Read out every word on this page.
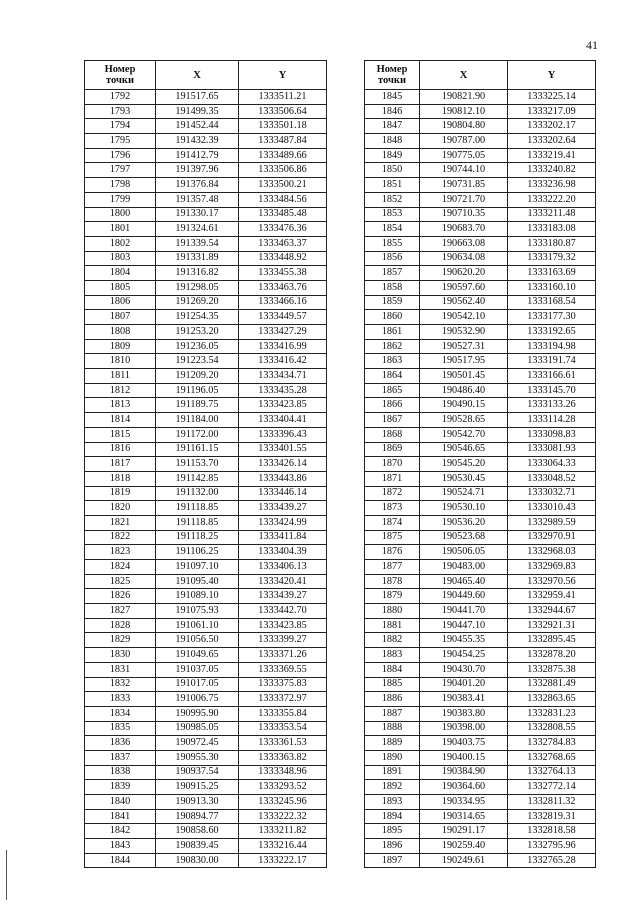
41
Номер
точки	X	Y
1792	191517.65	1333511.21
1793	191499.35	1333506.64
1794	191452.44	1333501.18
1795	191432.39	1333487.84
1796	191412.79	1333489.66
1797	191397.96	1333506.86
1798	191376.84	1333500.21
1799	191357.48	1333484.56
1800	191330.17	1333485.48
1801	191324.61	1333476.36
1802	191339.54	1333463.37
1803	191331.89	1333448.92
1804	191316.82	1333455.38
1805	191298.05	1333463.76
1806	191269.20	1333466.16
1807	191254.35	1333449.57
1808	191253.20	1333427.29
1809	191236.05	1333416.99
1810	191223.54	1333416.42
1811	191209.20	1333434.71
1812	191196.05	1333435.28
1813	191189.75	1333423.85
1814	191184.00	1333404.41
1815	191172.00	1333396.43
1816	191161.15	1333401.55
1817	191153.70	1333426.14
1818	191142.85	1333443.86
1819	191132.00	1333446.14
1820	191118.85	1333439.27
1821	191118.85	1333424.99
1822	191118.25	1333411.84
1823	191106.25	1333404.39
1824	191097.10	1333406.13
1825	191095.40	1333420.41
1826	191089.10	1333439.27
1827	191075.93	1333442.70
1828	191061.10	1333423.85
1829	191056.50	1333399.27
1830	191049.65	1333371.26
1831	191037.05	1333369.55
1832	191017.05	1333375.83
1833	191006.75	1333372.97
1834	190995.90	1333355.84
1835	190985.05	1333353.54
1836	190972.45	1333361.53
1837	190955.30	1333363.82
1838	190937.54	1333348.96
1839	190915.25	1333293.52
1840	190913.30	1333245.96
1841	190894.77	1333222.32
1842	190858.60	1333211.82
1843	190839.45	1333216.44
1844	190830.00	1333222.17
Номер
точки	X	Y
1845	190821.90	1333225.14
1846	190812.10	1333217.09
1847	190804.80	1333202.17
1848	190787.00	1333202.64
1849	190775.05	1333219.41
1850	190744.10	1333240.82
1851	190731.85	1333236.98
1852	190721.70	1333222.20
1853	190710.35	1333211.48
1854	190683.70	1333183.08
1855	190663.08	1333180.87
1856	190634.08	1333179.32
1857	190620.20	1333163.69
1858	190597.60	1333160.10
1859	190562.40	1333168.54
1860	190542.10	1333177.30
1861	190532.90	1333192.65
1862	190527.31	1333194.98
1863	190517.95	1333191.74
1864	190501.45	1333166.61
1865	190486.40	1333145.70
1866	190490.15	1333133.26
1867	190528.65	1333114.28
1868	190542.70	1333098.83
1869	190546.65	1333081.93
1870	190545.20	1333064.33
1871	190530.45	1333048.52
1872	190524.71	1333032.71
1873	190530.10	1333010.43
1874	190536.20	1332989.59
1875	190523.68	1332970.91
1876	190506.05	1332968.03
1877	190483.00	1332969.83
1878	190465.40	1332970.56
1879	190449.60	1332959.41
1880	190441.70	1332944.67
1881	190447.10	1332921.31
1882	190455.35	1332895.45
1883	190454.25	1332878.20
1884	190430.70	1332875.38
1885	190401.20	1332881.49
1886	190383.41	1332863.65
1887	190383.80	1332831.23
1888	190398.00	1332808.55
1889	190403.75	1332784.83
1890	190400.15	1332768.65
1891	190384.90	1332764.13
1892	190364.60	1332772.14
1893	190334.95	1332811.32
1894	190314.65	1332819.31
1895	190291.17	1332818.58
1896	190259.40	1332795.96
1897	190249.61	1332765.28
